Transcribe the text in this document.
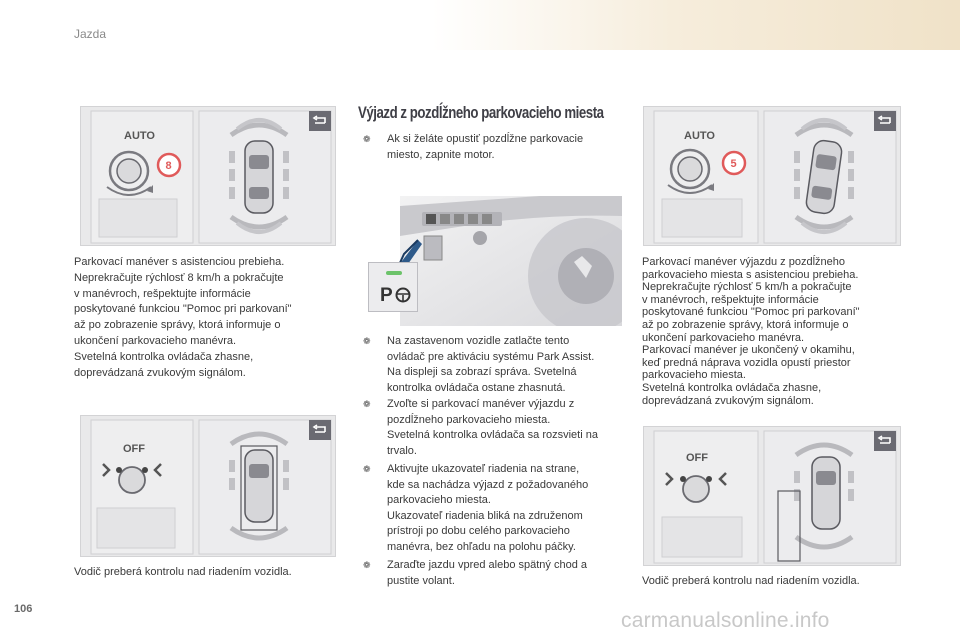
Jazda
AUTO
8
Parkovací manéver s asistenciou prebieha.
Neprekračujte rýchlosť 8 km/h a pokračujte
v manévroch, rešpektujte informácie
poskytované funkciou "Pomoc pri parkovaní"
až po zobrazenie správy, ktorá informuje o
ukončení parkovacieho manévra.
Svetelná kontrolka ovládača zhasne,
doprevádzaná zvukovým signálom.
OFF
Vodič preberá kontrolu nad riadením vozidla.
Výjazd z pozdĺžneho parkovacieho miesta
❁ Ak si želáte opustiť pozdĺžne parkovacie
miesto, zapnite motor.
P
❁ Na zastavenom vozidle zatlačte tento
ovládač pre aktiváciu systému Park Assist.
Na displeji sa zobrazí správa. Svetelná
kontrolka ovládača ostane zhasnutá.
❁ Zvoľte si parkovací manéver výjazdu z
pozdĺžneho parkovacieho miesta.
Svetelná kontrolka ovládača sa rozsvieti na
trvalo.
❁ Aktivujte ukazovateľ riadenia na strane,
kde sa nachádza výjazd z požadovaného
parkovacieho miesta.
Ukazovateľ riadenia bliká na združenom
prístroji po dobu celého parkovacieho
manévra, bez ohľadu na polohu páčky.
❁ Zaraďte jazdu vpred alebo spätný chod a
pustite volant.
AUTO
5
Parkovací manéver výjazdu z pozdĺžneho
parkovacieho miesta s asistenciou prebieha.
Neprekračujte rýchlosť 5 km/h a pokračujte
v manévroch, rešpektujte informácie
poskytované funkciou "Pomoc pri parkovaní"
až po zobrazenie správy, ktorá informuje o
ukončení parkovacieho manévra.
Parkovací manéver je ukončený v okamihu,
keď predná náprava vozidla opustí priestor
parkovacieho miesta.
Svetelná kontrolka ovládača zhasne,
doprevádzaná zvukovým signálom.
OFF
Vodič preberá kontrolu nad riadením vozidla.
106	carmanualsonline.info
